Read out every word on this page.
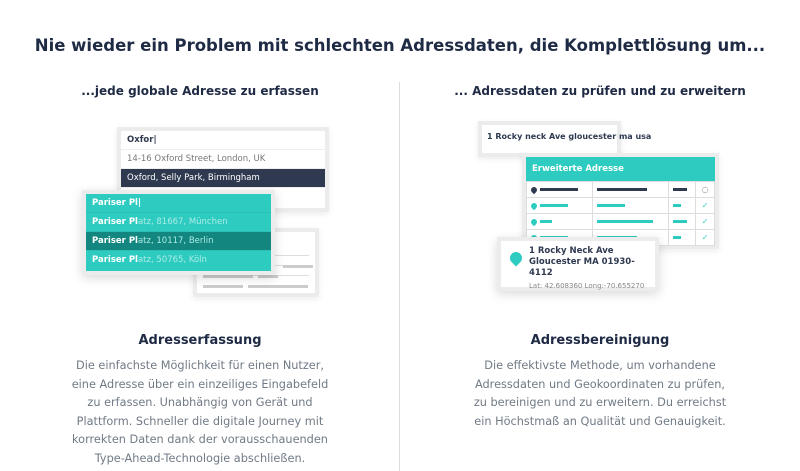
Nie wieder ein Problem mit schlechten Adressdaten, die Komplettlösung um...
...jede globale Adresse zu erfassen

Oxfor|
14-16 Oxford Street, London, UK
Oxford, Selly Park, Birmingham
Pariser Pl|
Pariser Platz, 81667, München
Pariser Platz, 10117, Berlin
Pariser Platz, 50765, Köln
Adresserfassung
Die einfachste Möglichkeit für einen Nutzer, eine Adresse über ein einzeiliges Eingabefeld zu erfassen. Unabhängig von Gerät und Plattform. Schneller die digitale Journey mit korrekten Daten dank der vorausschauenden Type-Ahead-Technologie abschließen.
... Adressdaten zu prüfen und zu erweitern
1 Rocky neck Ave gloucester ma usa
Erweiterte Adresse
			◌
			✓
			✓
			✓
1 Rocky Neck Ave
Gloucester MA 01930-4112
Lat: 42.608360 Long:-70.655270
Adressbereinigung
Die effektivste Methode, um vorhandene Adressdaten und Geokoordinaten zu prüfen, zu bereinigen und zu erweitern. Du erreichst ein Höchstmaß an Qualität und Genauigkeit.
